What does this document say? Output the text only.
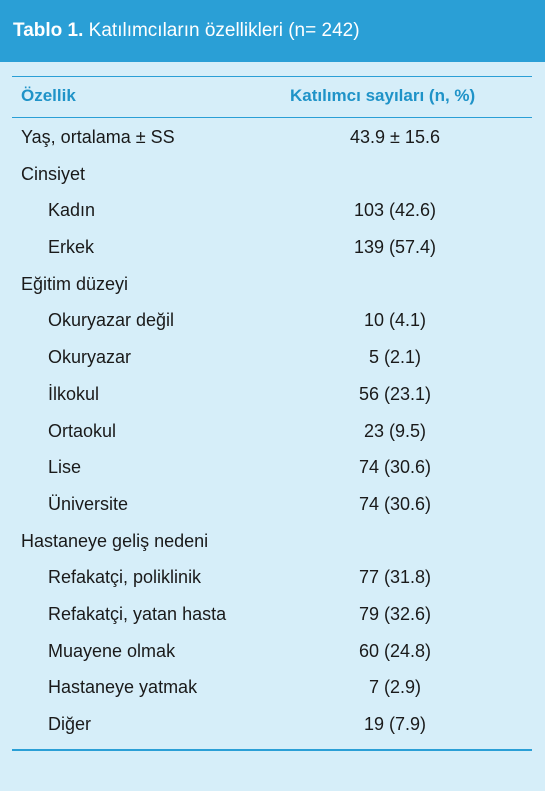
Tablo 1. Katılımcıların özellikleri (n= 242)
Özellik	Katılımcı sayıları (n, %)
Yaş, ortalama ± SS	43.9 ± 15.6
Cinsiyet
Kadın	103 (42.6)
Erkek	139 (57.4)
Eğitim düzeyi
Okuryazar değil	10 (4.1)
Okuryazar	5 (2.1)
İlkokul	56 (23.1)
Ortaokul	23 (9.5)
Lise	74 (30.6)
Üniversite	74 (30.6)
Hastaneye geliş nedeni
Refakatçi, poliklinik	77 (31.8)
Refakatçi, yatan hasta	79 (32.6)
Muayene olmak	60 (24.8)
Hastaneye yatmak	7 (2.9)
Diğer	19 (7.9)
